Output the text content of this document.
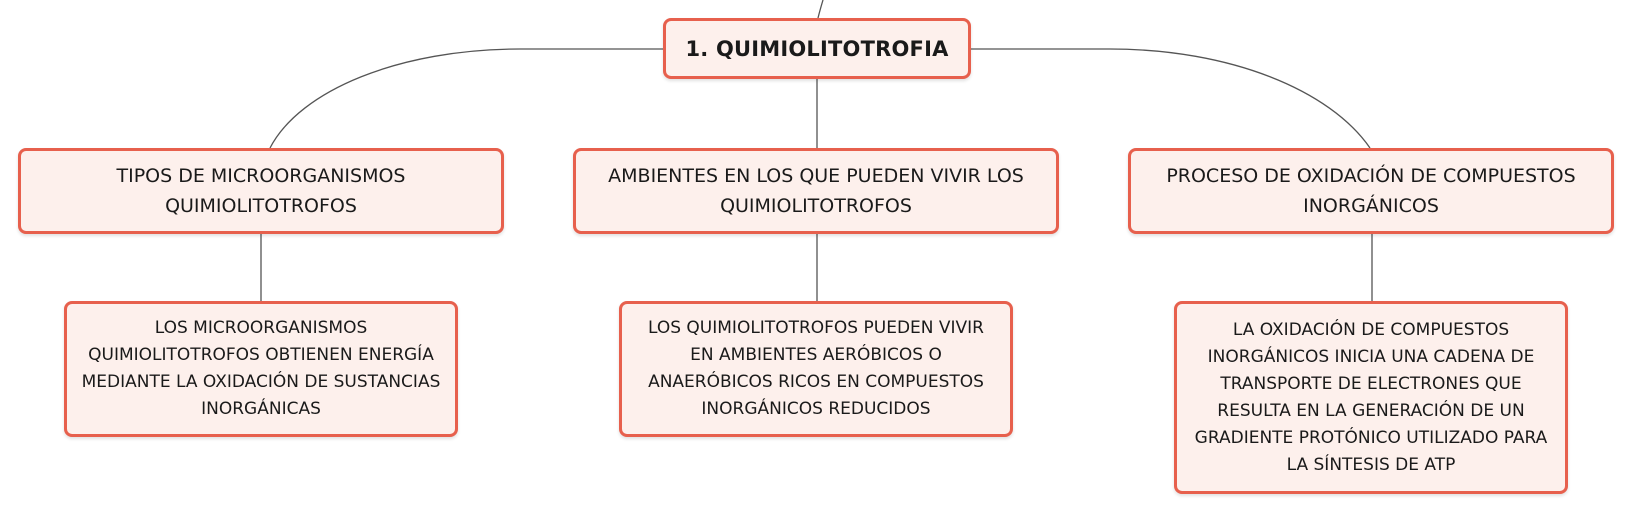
1. QUIMIOLITOTROFIA
TIPOS DE MICROORGANISMOS QUIMIOLITOTROFOS
AMBIENTES EN LOS QUE PUEDEN VIVIR LOS QUIMIOLITOTROFOS
PROCESO DE OXIDACIÓN DE COMPUESTOS INORGÁNICOS
LOS MICROORGANISMOS QUIMIOLITOTROFOS OBTIENEN ENERGÍA MEDIANTE LA OXIDACIÓN DE SUSTANCIAS INORGÁNICAS
LOS QUIMIOLITOTROFOS PUEDEN VIVIR EN AMBIENTES AERÓBICOS O ANAERÓBICOS RICOS EN COMPUESTOS INORGÁNICOS REDUCIDOS
LA OXIDACIÓN DE COMPUESTOS INORGÁNICOS INICIA UNA CADENA DE TRANSPORTE DE ELECTRONES QUE RESULTA EN LA GENERACIÓN DE UN GRADIENTE PROTÓNICO UTILIZADO PARA LA SÍNTESIS DE ATP
